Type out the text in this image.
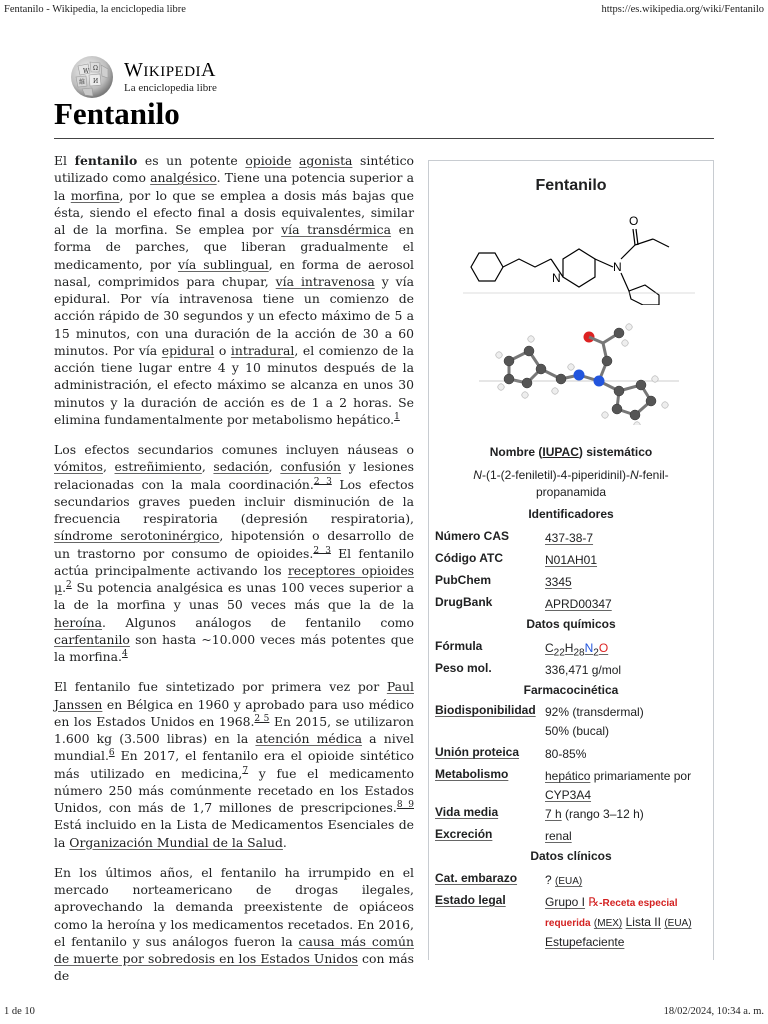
Fentanilo - Wikipedia, la enciclopedia libre	https://es.wikipedia.org/wiki/Fentanilo
1 de 10	18/02/2024, 10:34 a. m.
W Ω
И
維
WIKIPEDIA
La enciclopedia libre
Fentanilo

El fentanilo es un potente opioide agonista sintético utilizado como analgésico. Tiene una potencia superior a la morfina, por lo que se emplea a dosis más bajas que ésta, siendo el efecto final a dosis equivalentes, similar al de la morfina. Se emplea por vía transdérmica en forma de parches, que liberan gradualmente el medicamento, por vía sublingual, en forma de aerosol nasal, comprimidos para chupar, vía intravenosa y vía epidural. Por vía intravenosa tiene un comienzo de acción rápido de 30 segundos y un efecto máximo de 5 a 15 minutos, con una duración de la acción de 30 a 60 minutos. Por vía epidural o intradural, el comienzo de la acción tiene lugar entre 4 y 10 minutos después de la administración, el efecto máximo se alcanza en unos 30 minutos y la duración de acción es de 1 a 2 horas. Se elimina fundamentalmente por metabolismo hepático.$^1$

Los efectos secundarios comunes incluyen náuseas o vómitos, estreñimiento, sedación, confusión y lesiones relacionadas con la mala coordinación.$^{2 3}$ Los efectos secundarios graves pueden incluir disminución de la frecuencia respiratoria (depresión respiratoria), síndrome serotoninérgico, hipotensión o desarrollo de un trastorno por consumo de opioides.$^{2 3}$ El fentanilo actúa principalmente activando los receptores opioides μ.$^2$ Su potencia analgésica es unas 100 veces superior a la de la morfina y unas 50 veces más que la de la heroína. Algunos análogos de fentanilo como carfentanilo son hasta ~10.000 veces más potentes que la morfina.$^4$

El fentanilo fue sintetizado por primera vez por Paul Janssen en Bélgica en 1960 y aprobado para uso médico en los Estados Unidos en 1968.$^{2 5}$ En 2015, se utilizaron 1.600 kg (3.500 libras) en la atención médica a nivel mundial.$^6$ En 2017, el fentanilo era el opioide sintético más utilizado en medicina,$^7$ y fue el medicamento número 250 más comúnmente recetado en los Estados Unidos, con más de 1,7 millones de prescripciones.$^{8 9}$ Está incluido en la Lista de Medicamentos Esenciales de la Organización Mundial de la Salud.

En los últimos años, el fentanilo ha irrumpido en el mercado norteamericano de drogas ilegales, aprovechando la demanda preexistente de opiáceos como la heroína y los medicamentos recetados. En 2016, el fentanilo y sus análogos fueron la causa más común de muerte por sobredosis en los Estados Unidos con más de

Fentanilo
N
N
O
Nombre (IUPAC) sistemático
N-(1-(2-feniletil)-4-piperidinil)-N-fenil-
propanamida
Identificadores
Número CAS	437-38-7
Código ATC	N01AH01
PubChem	3345
DrugBank	APRD00347
Datos químicos
Fórmula	$C_{22}H_{28}N_2O$
Peso mol.	336,471 g/mol
Farmacocinética
Biodisponibilidad 92% (transdermal)
50% (bucal)
Unión proteica	80-85%
Metabolismo	hepático primariamente por
CYP3A4
Vida media	7 h (rango 3–12 h)
Excreción	renal
Datos clínicos
Cat. embarazo	? (EUA)
Estado legal	Grupo I ℞-Receta especial
requerida (MEX) Lista II (EUA)
Estupefaciente
